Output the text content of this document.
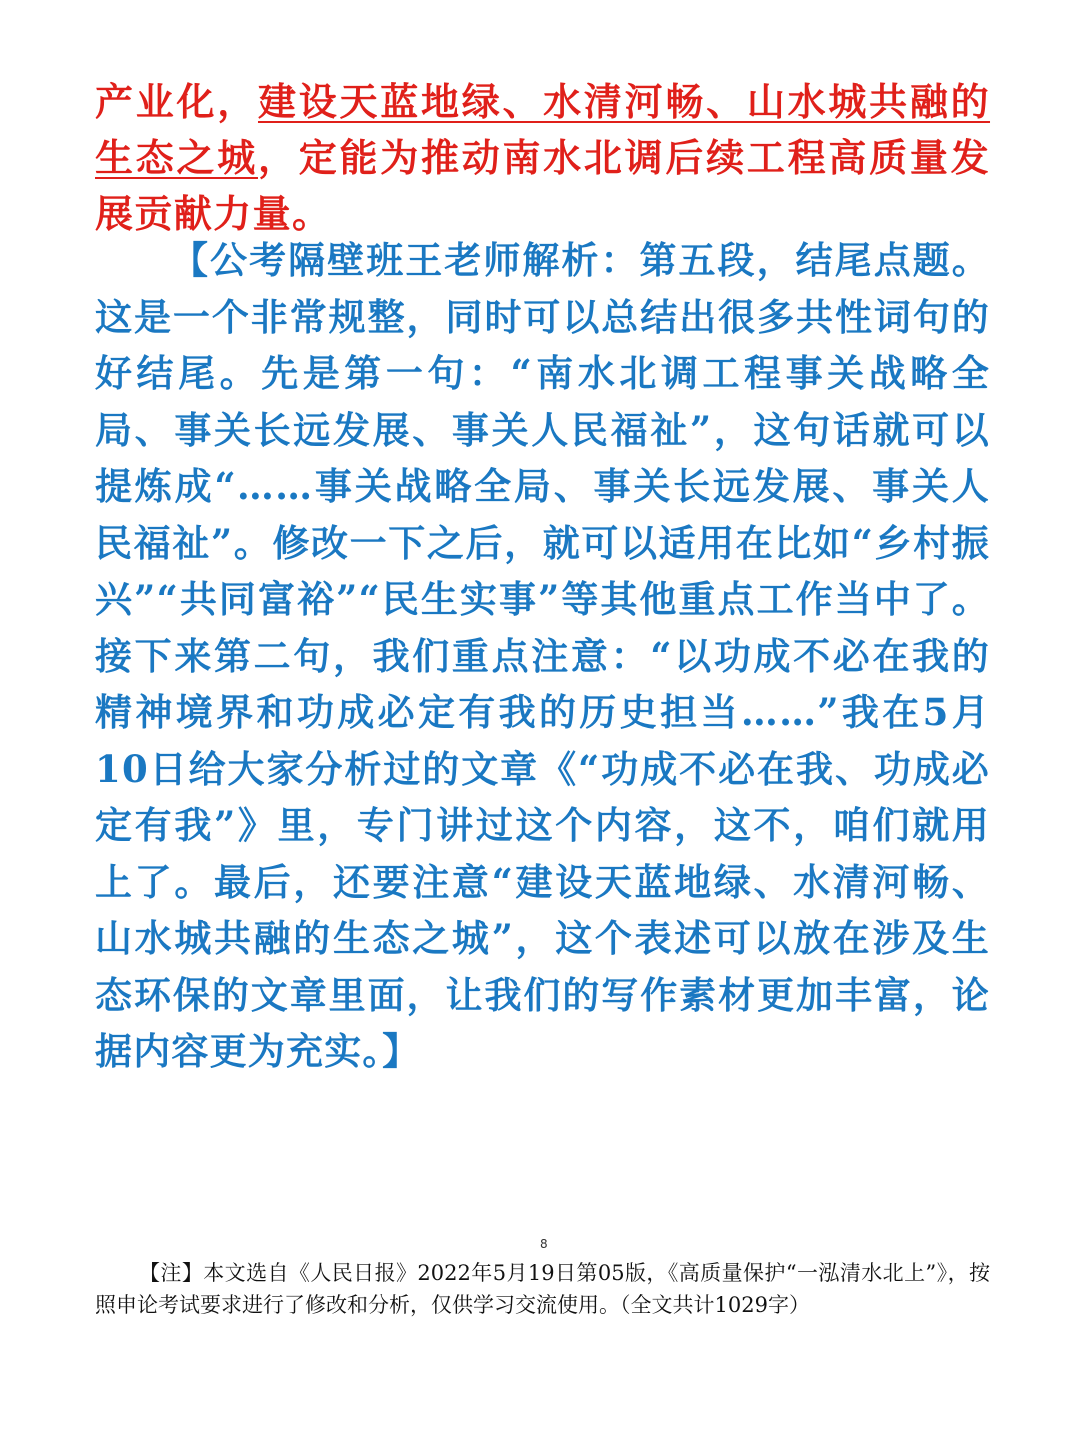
产业化，建设天蓝地绿、水清河畅、山水城共融的生态之城，定能为推动南水北调后续工程高质量发展贡献力量。

【公考隔壁班王老师解析：第五段，结尾点题。这是一个非常规整，同时可以总结出很多共性词句的好结尾。先是第一句：“南水北调工程事关战略全局、事关长远发展、事关人民福祉”，这句话就可以提炼成“……事关战略全局、事关长远发展、事关人民福祉”。修改一下之后，就可以适用在比如“乡村振兴”“共同富裕”“民生实事”等其他重点工作当中了。接下来第二句，我们重点注意：“以功成不必在我的精神境界和功成必定有我的历史担当……”我在5月10日给大家分析过的文章《“功成不必在我、功成必定有我”》里，专门讲过这个内容，这不，咱们就用上了。最后，还要注意“建设天蓝地绿、水清河畅、山水城共融的生态之城”，这个表述可以放在涉及生态环保的文章里面，让我们的写作素材更加丰富，论据内容更为充实。】

8

【注】本文选自《人民日报》2022年5月19日第05版，《高质量保护“一泓清水北上”》，按照申论考试要求进行了修改和分析，仅供学习交流使用。（全文共计1029字）
